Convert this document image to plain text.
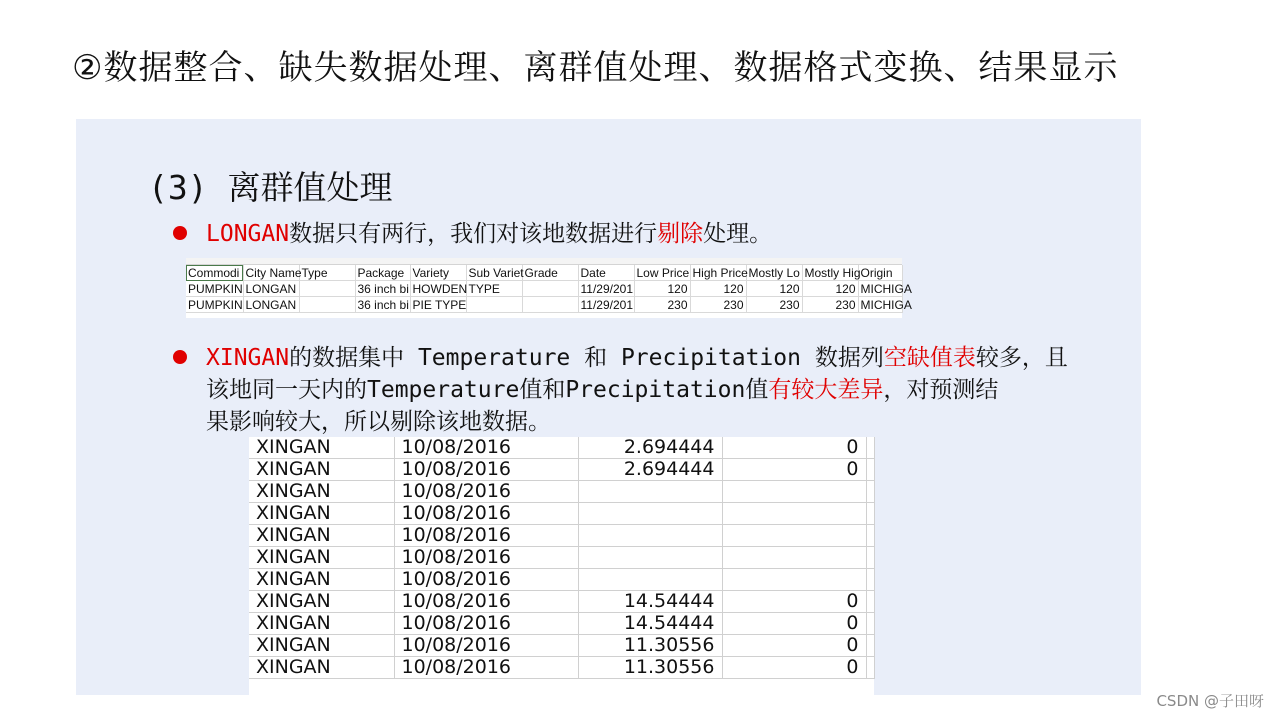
②数据整合、缺失数据处理、离群值处理、数据格式变换、结果显示
(3) 离群值处理
LONGAN数据只有两行，我们对该地数据进行剔除处理。
Commodi	City Name	Type	Package	Variety	Sub Variet	Grade	Date	Low Price	High Price	Mostly Lo	Mostly Hig	Origin
PUMPKIN	LONGAN		36 inch bi	HOWDEN	TYPE		11/29/201	120	120	120	120	MICHIGA
PUMPKIN	LONGAN		36 inch bi	PIE TYPE			11/29/201	230	230	230	230	MICHIGA
XINGAN的数据集中 Temperature 和 Precipitation 数据列空缺值表较多，且
该地同一天内的Temperature值和Precipitation值有较大差异，对预测结
果影响较大，所以剔除该地数据。
XINGAN	10/08/2016	2.694444	0	
XINGAN	10/08/2016	2.694444	0	
XINGAN	10/08/2016			
XINGAN	10/08/2016			
XINGAN	10/08/2016			
XINGAN	10/08/2016			
XINGAN	10/08/2016			
XINGAN	10/08/2016	14.54444	0	
XINGAN	10/08/2016	14.54444	0	
XINGAN	10/08/2016	11.30556	0	
XINGAN	10/08/2016	11.30556	0	
CSDN @子田呀
